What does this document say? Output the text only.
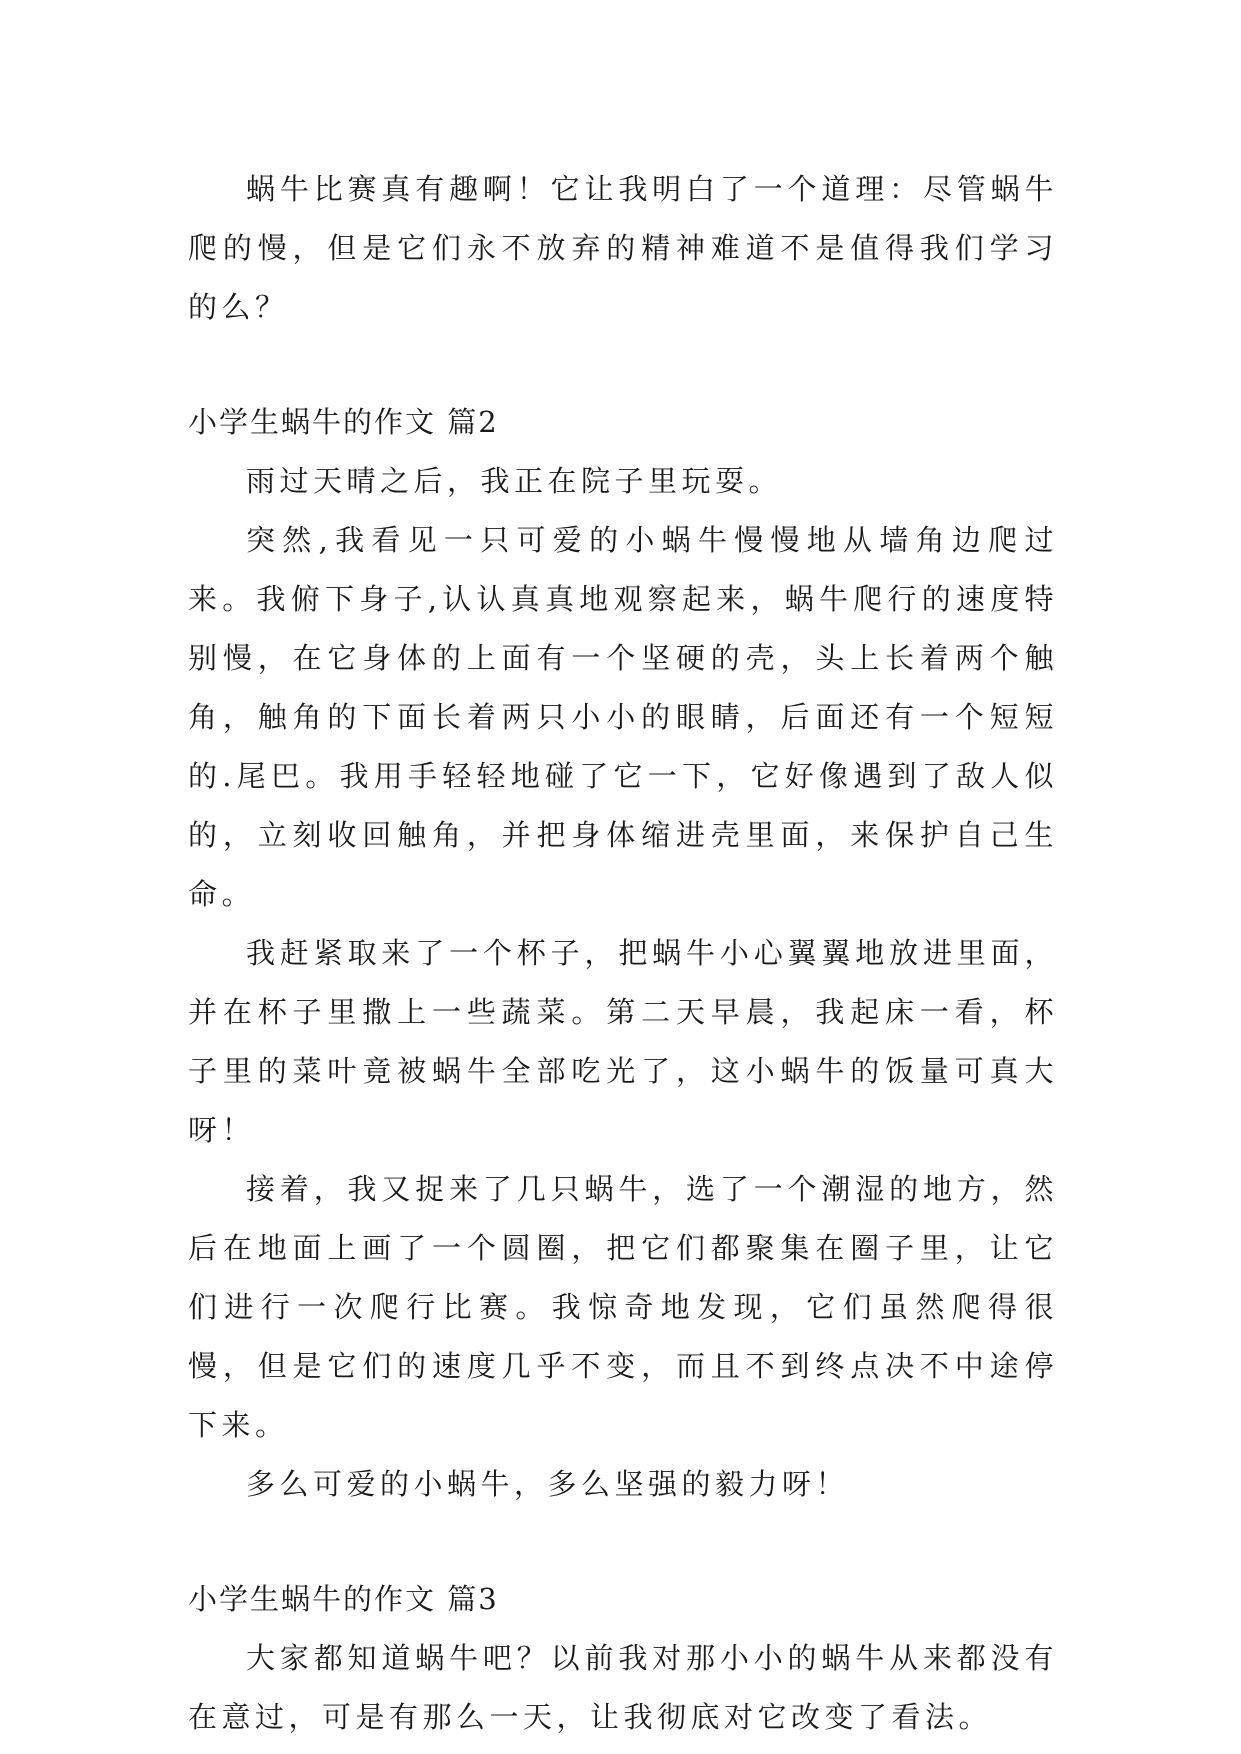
蜗牛比赛真有趣啊！它让我明白了一个道理：尽管蜗牛爬的慢，但是它们永不放弃的精神难道不是值得我们学习的么？

小学生蜗牛的作文 篇2

雨过天晴之后，我正在院子里玩耍。

突然,我看见一只可爱的小蜗牛慢慢地从墙角边爬过来。我俯下身子,认认真真地观察起来，蜗牛爬行的速度特别慢，在它身体的上面有一个坚硬的壳，头上长着两个触角，触角的下面长着两只小小的眼睛，后面还有一个短短的.尾巴。我用手轻轻地碰了它一下，它好像遇到了敌人似的，立刻收回触角，并把身体缩进壳里面，来保护自己生命。

我赶紧取来了一个杯子，把蜗牛小心翼翼地放进里面，并在杯子里撒上一些蔬菜。第二天早晨，我起床一看，杯子里的菜叶竟被蜗牛全部吃光了，这小蜗牛的饭量可真大呀！

接着，我又捉来了几只蜗牛，选了一个潮湿的地方，然后在地面上画了一个圆圈，把它们都聚集在圈子里，让它们进行一次爬行比赛。我惊奇地发现，它们虽然爬得很慢，但是它们的速度几乎不变，而且不到终点决不中途停下来。

多么可爱的小蜗牛，多么坚强的毅力呀！

小学生蜗牛的作文 篇3

大家都知道蜗牛吧？以前我对那小小的蜗牛从来都没有在意过，可是有那么一天，让我彻底对它改变了看法。
